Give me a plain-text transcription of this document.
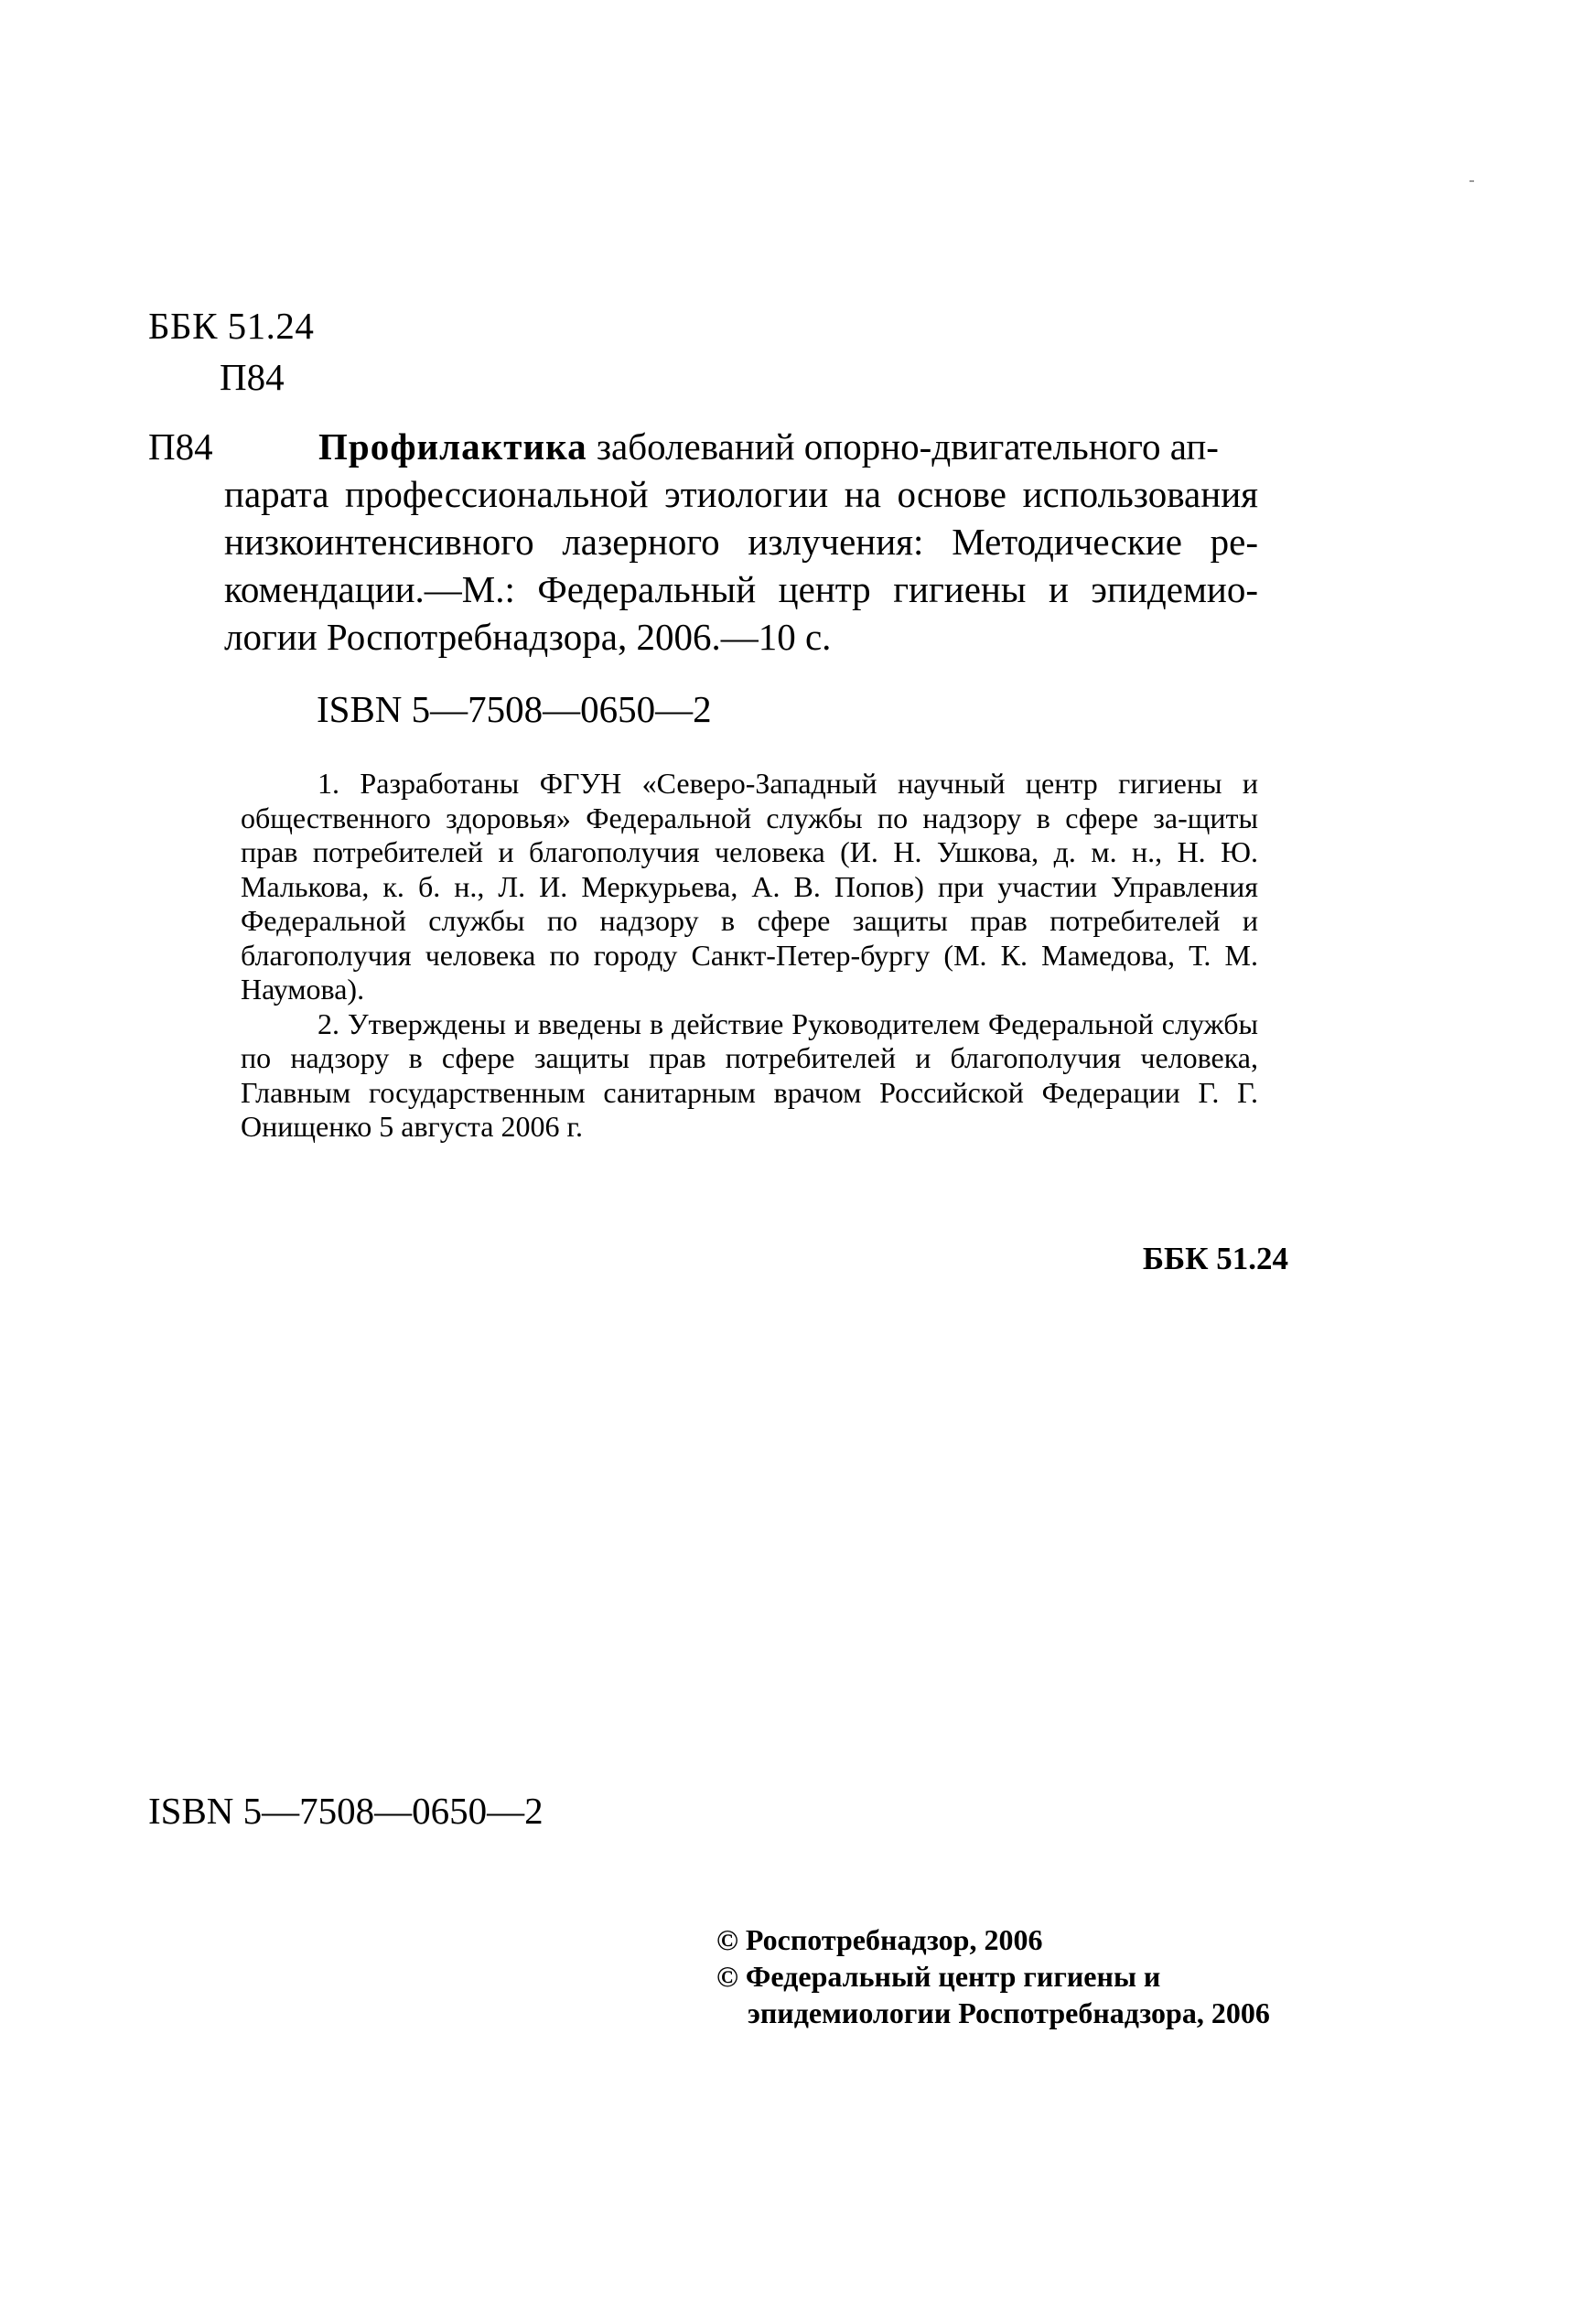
ББК 51.24
П84
П84	Профилактика заболеваний опорно-двигательного ап-
парата профессиональной этиологии на основе использования низкоинтенсивного лазерного излучения: Методические ре-комендации.—М.: Федеральный центр гигиены и эпидемио-логии Роспотребнадзора, 2006.—10 с.
ISBN 5—7508—0650—2

1. Разработаны ФГУН «Северо-Западный научный центр гигиены и общественного здоровья» Федеральной службы по надзору в сфере за-щиты прав потребителей и благополучия человека (И. Н. Ушкова, д. м. н., Н. Ю. Малькова, к. б. н., Л. И. Меркурьева, А. В. Попов) при участии Управления Федеральной службы по надзору в сфере защиты прав потребителей и благополучия человека по городу Санкт-Петер-бургу (М. К. Мамедова, Т. М. Наумова).

2. Утверждены и введены в действие Руководителем Федеральной службы по надзору в сфере защиты прав потребителей и благополучия человека, Главным государственным санитарным врачом Российской Федерации Г. Г. Онищенко 5 августа 2006 г.

ББК 51.24
ISBN 5—7508—0650—2
© Роспотребнадзор, 2006
© Федеральный центр гигиены и
эпидемиологии Роспотребнадзора, 2006
